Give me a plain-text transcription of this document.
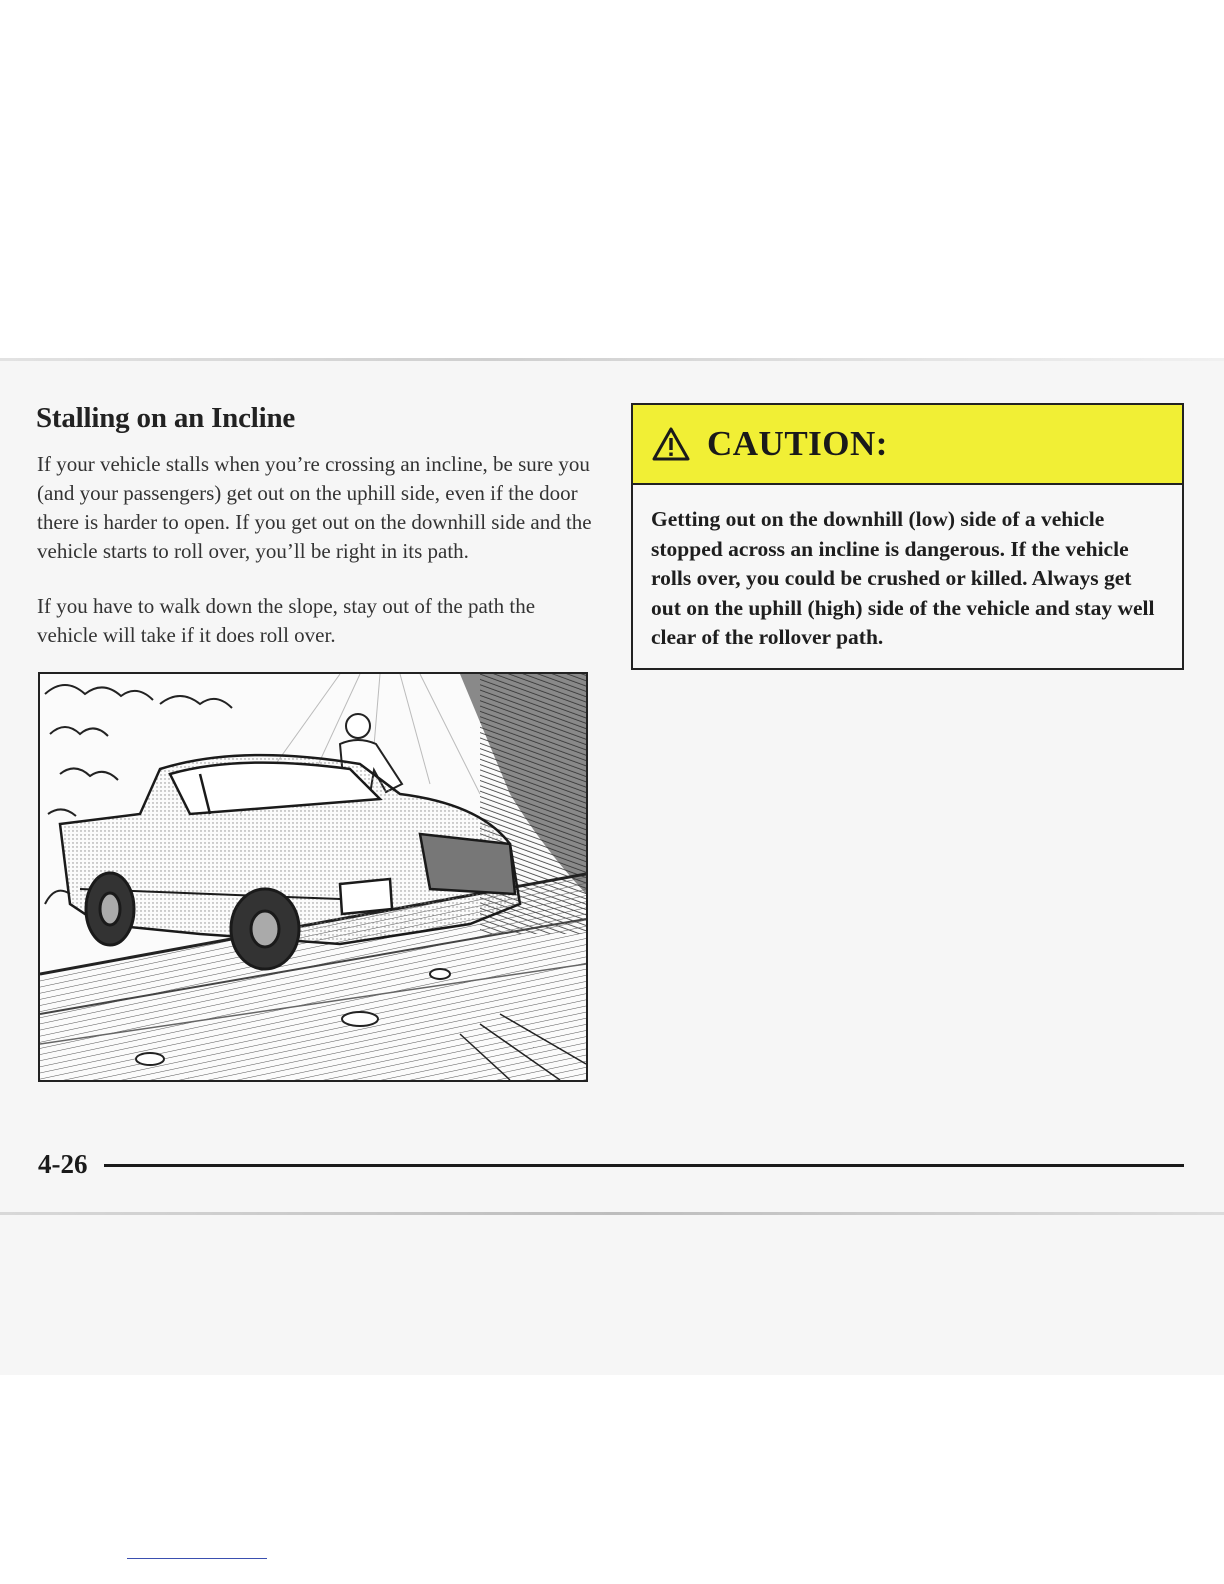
Stalling on an Incline

If your vehicle stalls when you’re crossing an incline, be sure you (and your passengers) get out on the uphill side, even if the door there is harder to open. If you get out on the downhill side and the vehicle starts to roll over, you’ll be right in its path.

If you have to walk down the slope, stay out of the path the vehicle will take if it does roll over.

CAUTION:

Getting out on the downhill (low) side of a vehicle stopped across an incline is dangerous. If the vehicle rolls over, you could be crushed or killed. Always get out on the uphill (high) side of the vehicle and stay well clear of the rollover path.

4-26
